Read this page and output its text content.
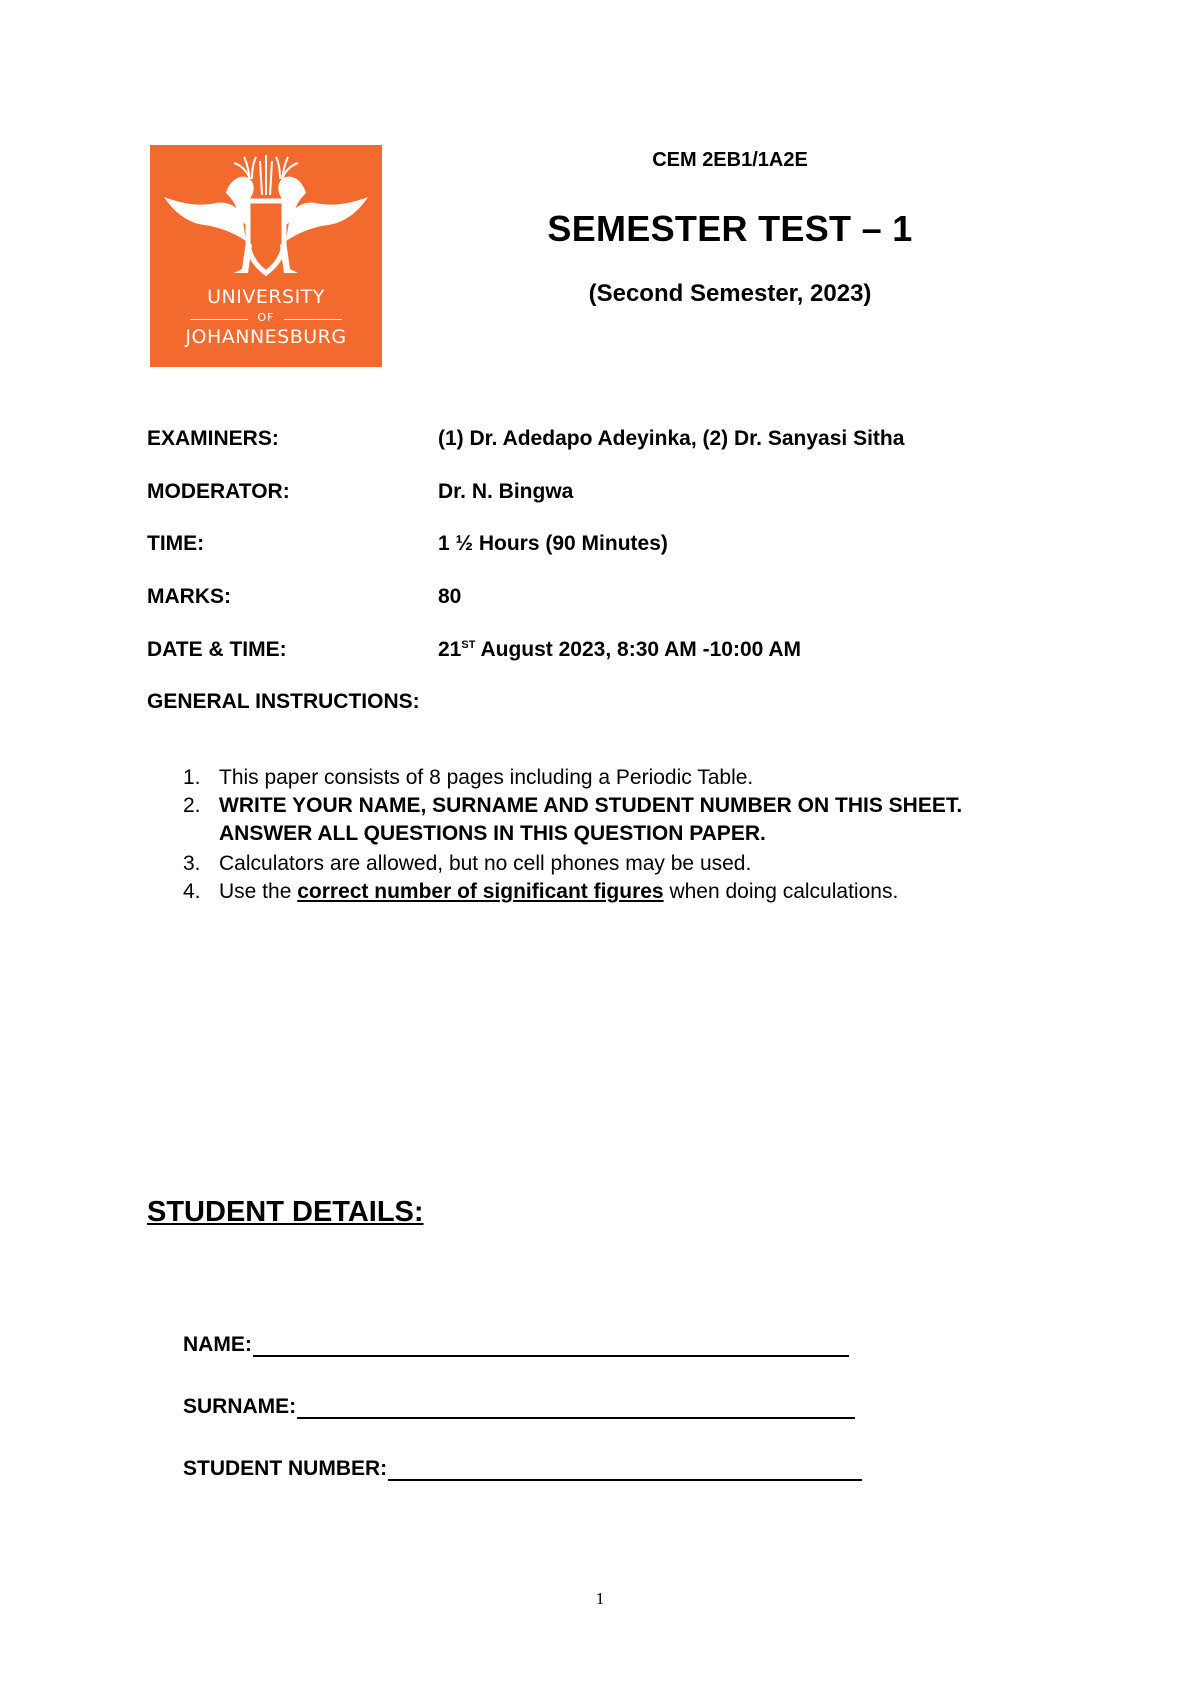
UNIVERSITY
OF
JOHANNESBURG
CEM 2EB1/1A2E
SEMESTER TEST – 1
(Second Semester, 2023)
EXAMINERS:	(1) Dr. Adedapo Adeyinka, (2) Dr. Sanyasi Sitha
MODERATOR:	Dr. N. Bingwa
TIME:	1 ½ Hours (90 Minutes)
MARKS:	80
DATE & TIME:	21ST August 2023, 8:30 AM -10:00 AM
GENERAL INSTRUCTIONS:
1. This paper consists of 8 pages including a Periodic Table.
2. WRITE YOUR NAME, SURNAME AND STUDENT NUMBER ON THIS SHEET. ANSWER ALL QUESTIONS IN THIS QUESTION PAPER.
3. Calculators are allowed, but no cell phones may be used.
4. Use the correct number of significant figures when doing calculations.
STUDENT DETAILS:
NAME:
SURNAME:
STUDENT NUMBER:
1
